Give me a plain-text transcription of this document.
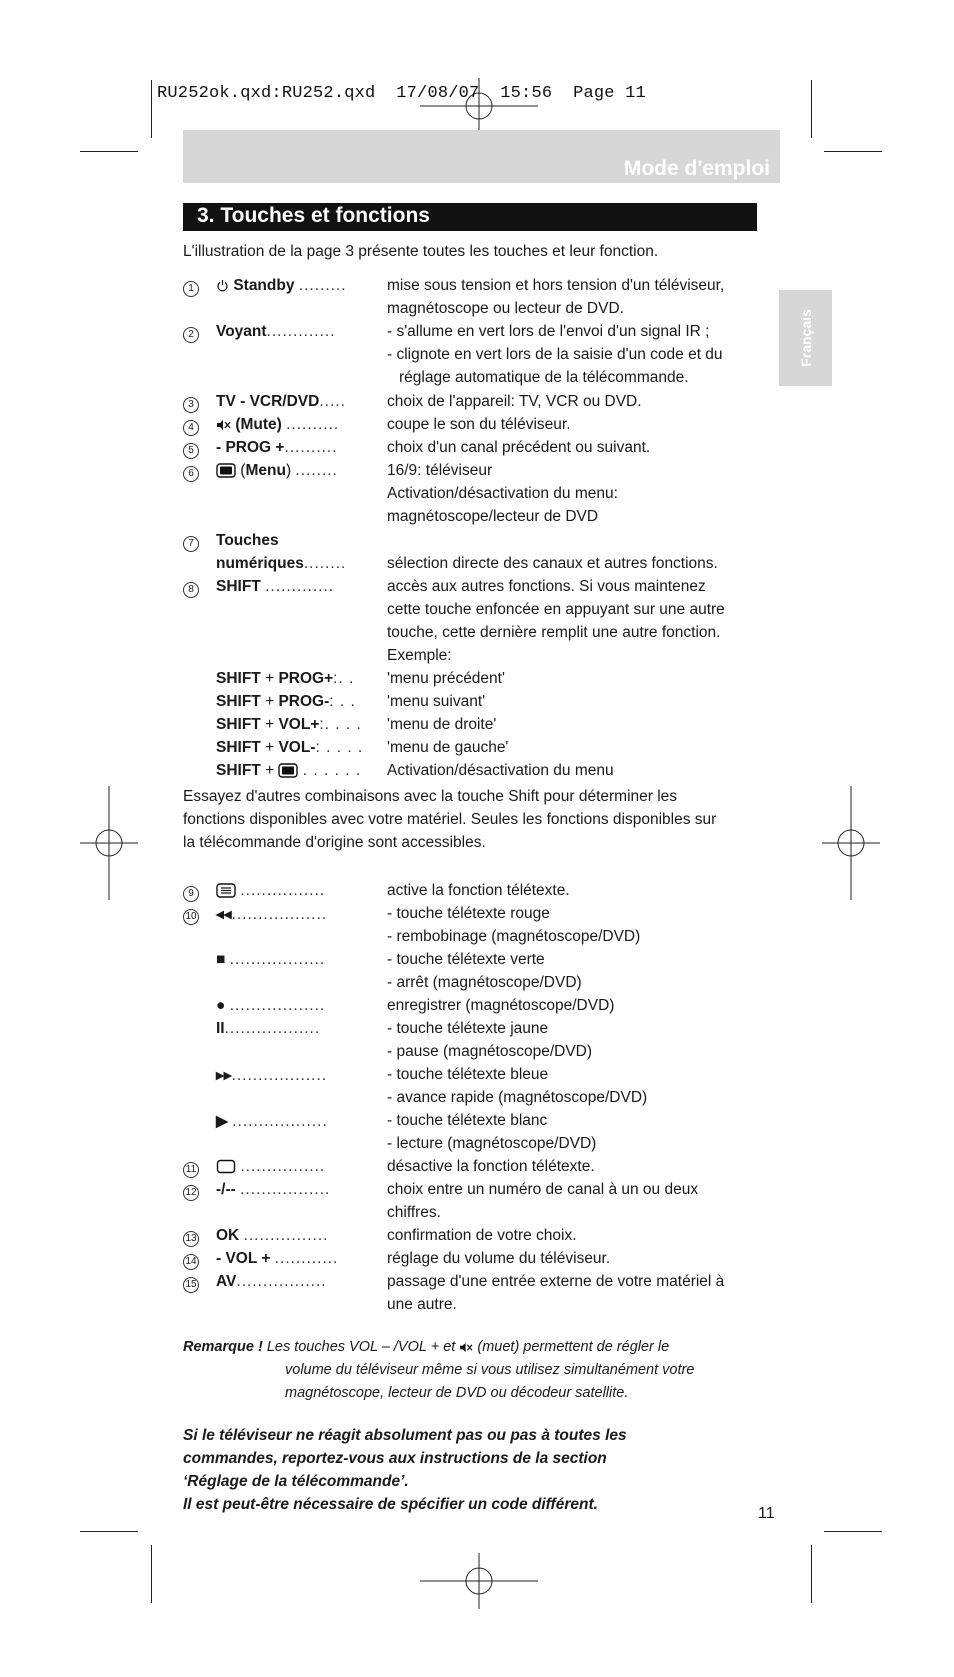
RU252ok.qxd:RU252.qxd  17/08/07  15:56  Page 11
Mode d'emploi
3. Touches et fonctions
Français
L'illustration de la page 3 présente toutes les touches et leur fonction.
1	Standby .........	mise sous tension et hors tension d'un téléviseur,
magnétoscope ou lecteur de DVD.
2	Voyant.............	- s'allume en vert lors de l'envoi d'un signal IR ;
- clignote en vert lors de la saisie d'un code et du
réglage automatique de la télécommande.
3	TV - VCR/DVD.....	choix de l'appareil: TV, VCR ou DVD.
4	(Mute) ..........	coupe le son du téléviseur.
5	- PROG +..........	choix d'un canal précédent ou suivant.
6	(Menu) ........	16/9: téléviseur
Activation/désactivation du menu:
magnétoscope/lecteur de DVD
7	Touches
numériques........	sélection directe des canaux et autres fonctions.
8	SHIFT .............	accès aux autres fonctions. Si vous maintenez
cette touche enfoncée en appuyant sur une autre
touche, cette dernière remplit une autre fonction.
Exemple:
SHIFT + PROG+:. . 'menu précédent'
SHIFT + PROG-: . . 'menu suivant'
SHIFT + VOL+:. . . . 'menu de droite'
SHIFT + VOL-: . . . . 'menu de gauche'
SHIFT +  . . . . . . Activation/désactivation du menu
Essayez d'autres combinaisons avec la touche Shift pour déterminer les
fonctions disponibles avec votre matériel. Seules les fonctions disponibles sur
la télécommande d'origine sont accessibles.
9	................	active la fonction télétexte.
10 ◂◂..................	- touche télétexte rouge
- rembobinage (magnétoscope/DVD)
■ ..................	- touche télétexte verte
- arrêt (magnétoscope/DVD)
● ..................	enregistrer (magnétoscope/DVD)
II..................	- touche télétexte jaune
- pause (magnétoscope/DVD)
▸▸..................	- touche télétexte bleue
- avance rapide (magnétoscope/DVD)
▶ ..................	- touche télétexte blanc
- lecture (magnétoscope/DVD)
11	................	désactive la fonction télétexte.
12 -/-- .................	choix entre un numéro de canal à un ou deux
chiffres.
13 OK ................	confirmation de votre choix.
14 - VOL + ............	réglage du volume du téléviseur.
15 AV.................	passage d'une entrée externe de votre matériel à
une autre.
Remarque ! Les touches VOL – /VOL + et (muet) permettent de régler le
volume du téléviseur même si vous utilisez simultanément votre
magnétoscope, lecteur de DVD ou décodeur satellite.
Si le téléviseur ne réagit absolument pas ou pas à toutes les
commandes, reportez-vous aux instructions de la section
‘Réglage de la télécommande’.
Il est peut-être nécessaire de spécifier un code différent.
11
